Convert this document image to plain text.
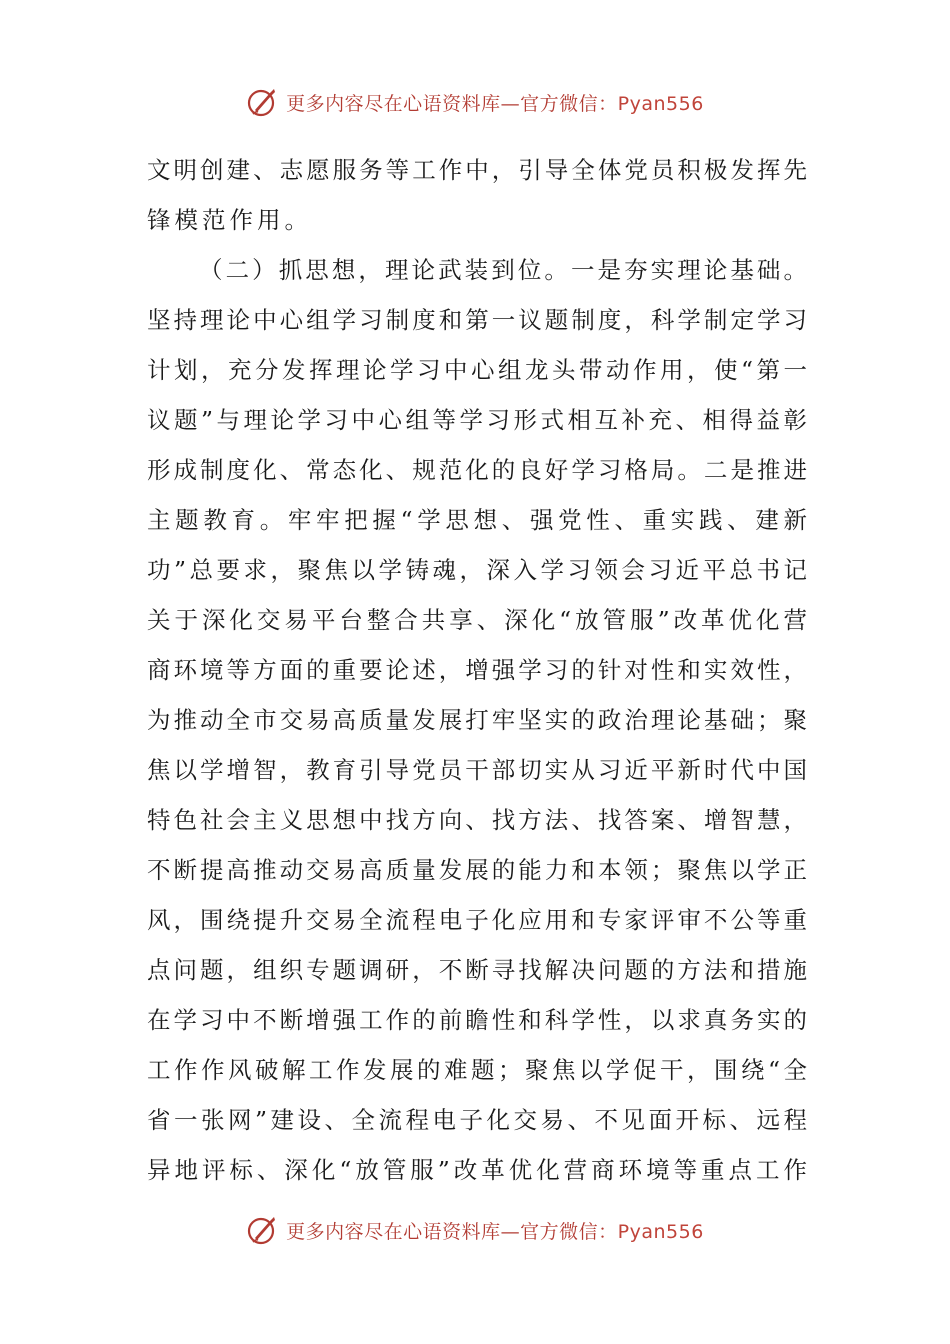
更多内容尽在心语资料库—官方微信：Pyan556
文明创建、志愿服务等工作中，引导全体党员积极发挥先
锋模范作用。
（二）抓思想，理论武装到位。一是夯实理论基础。
坚持理论中心组学习制度和第一议题制度，科学制定学习
计划，充分发挥理论学习中心组龙头带动作用，使“第一
议题”与理论学习中心组等学习形式相互补充、相得益彰
形成制度化、常态化、规范化的良好学习格局。二是推进
主题教育。牢牢把握“学思想、强党性、重实践、建新
功”总要求，聚焦以学铸魂，深入学习领会习近平总书记
关于深化交易平台整合共享、深化“放管服”改革优化营
商环境等方面的重要论述，增强学习的针对性和实效性，
为推动全市交易高质量发展打牢坚实的政治理论基础；聚
焦以学增智，教育引导党员干部切实从习近平新时代中国
特色社会主义思想中找方向、找方法、找答案、增智慧，
不断提高推动交易高质量发展的能力和本领；聚焦以学正
风，围绕提升交易全流程电子化应用和专家评审不公等重
点问题，组织专题调研，不断寻找解决问题的方法和措施
在学习中不断增强工作的前瞻性和科学性，以求真务实的
工作作风破解工作发展的难题；聚焦以学促干，围绕“全
省一张网”建设、全流程电子化交易、不见面开标、远程
异地评标、深化“放管服”改革优化营商环境等重点工作
更多内容尽在心语资料库—官方微信：Pyan556
